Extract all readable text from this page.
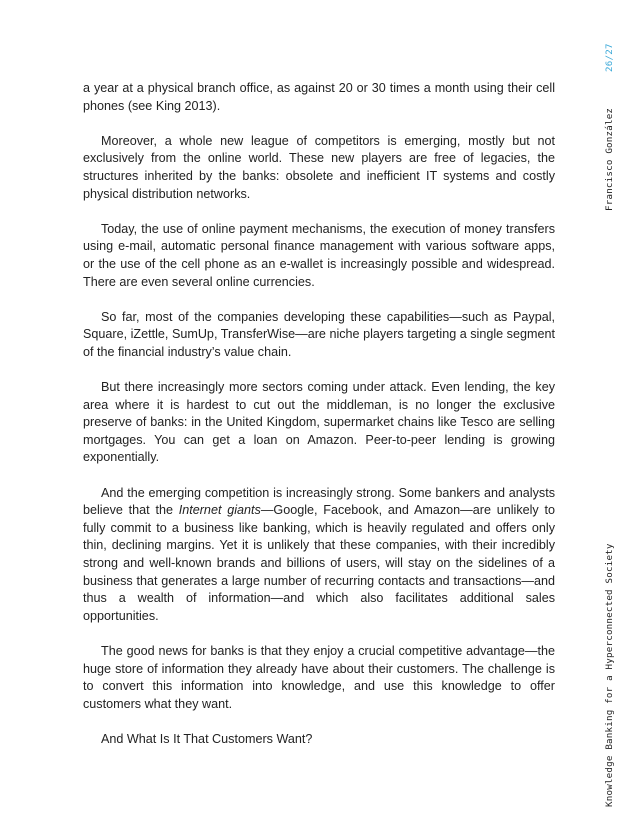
a year at a physical branch office, as against 20 or 30 times a month using their cell phones (see King 2013).

Moreover, a whole new league of competitors is emerging, mostly but not exclusively from the online world. These new players are free of legacies, the structures inherited by the banks: obsolete and inefficient IT systems and costly physical distribution networks.

Today, the use of online payment mechanisms, the execution of money transfers using e-mail, automatic personal finance management with various software apps, or the use of the cell phone as an e-wallet is increasingly possible and widespread. There are even several online currencies.

So far, most of the companies developing these capabilities—such as Paypal, Square, iZettle, SumUp, TransferWise—are niche players targeting a single segment of the financial industry’s value chain.

But there increasingly more sectors coming under attack. Even lending, the key area where it is hardest to cut out the middleman, is no longer the exclusive preserve of banks: in the United Kingdom, supermarket chains like Tesco are selling mortgages. You can get a loan on Amazon. Peer-to-peer lending is growing exponentially.

And the emerging competition is increasingly strong. Some bankers and analysts believe that the Internet giants—Google, Facebook, and Amazon—are unlikely to fully commit to a business like banking, which is heavily regulated and offers only thin, declining margins. Yet it is unlikely that these companies, with their incredibly strong and well-known brands and billions of users, will stay on the sidelines of a business that generates a large number of recurring contacts and transactions—and thus a wealth of information—and which also facilitates additional sales opportunities.

The good news for banks is that they enjoy a crucial competitive advantage—the huge store of information they already have about their customers. The challenge is to convert this information into knowledge, and use this knowledge to offer customers what they want.

And What Is It That Customers Want?

26/27
Francisco González
Knowledge Banking for a Hyperconnected Society
